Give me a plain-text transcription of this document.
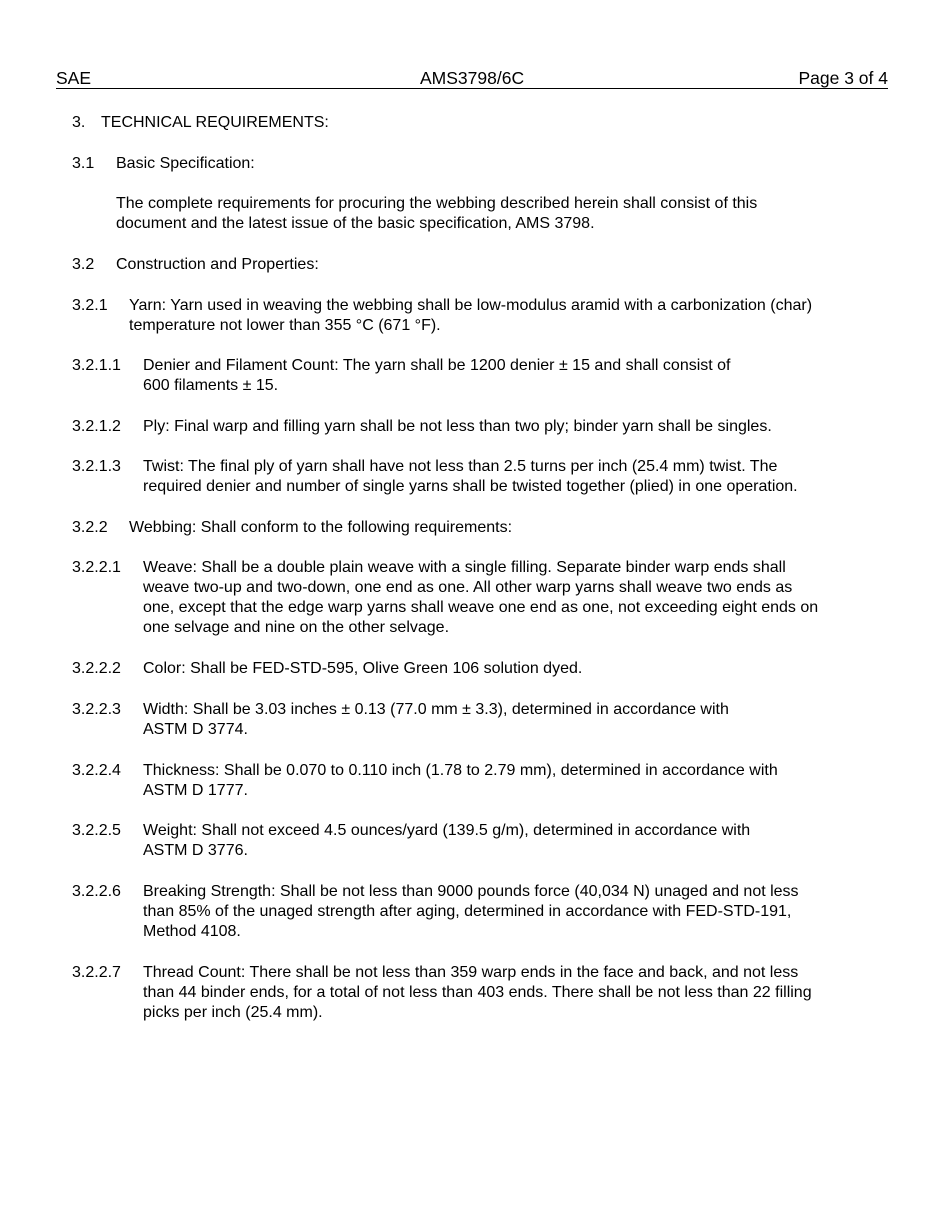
SAE	AMS3798/6C	Page 3 of 4
3. TECHNICAL REQUIREMENTS:
3.1 Basic Specification:
The complete requirements for procuring the webbing described herein shall consist of this
document and the latest issue of the basic specification, AMS 3798.
3.2 Construction and Properties:
3.2.1 Yarn: Yarn used in weaving the webbing shall be low-modulus aramid with a carbonization (char)
temperature not lower than 355 °C (671 °F).
3.2.1.1 Denier and Filament Count: The yarn shall be 1200 denier ± 15 and shall consist of
600 filaments ± 15.
3.2.1.2 Ply: Final warp and filling yarn shall be not less than two ply; binder yarn shall be singles.
3.2.1.3 Twist: The final ply of yarn shall have not less than 2.5 turns per inch (25.4 mm) twist. The
required denier and number of single yarns shall be twisted together (plied) in one operation.
3.2.2 Webbing: Shall conform to the following requirements:
3.2.2.1 Weave: Shall be a double plain weave with a single filling. Separate binder warp ends shall
weave two-up and two-down, one end as one. All other warp yarns shall weave two ends as
one, except that the edge warp yarns shall weave one end as one, not exceeding eight ends on
one selvage and nine on the other selvage.
3.2.2.2 Color: Shall be FED-STD-595, Olive Green 106 solution dyed.
3.2.2.3 Width: Shall be 3.03 inches ± 0.13 (77.0 mm ± 3.3), determined in accordance with
ASTM D 3774.
3.2.2.4 Thickness: Shall be 0.070 to 0.110 inch (1.78 to 2.79 mm), determined in accordance with
ASTM D 1777.
3.2.2.5 Weight: Shall not exceed 4.5 ounces/yard (139.5 g/m), determined in accordance with
ASTM D 3776.
3.2.2.6 Breaking Strength: Shall be not less than 9000 pounds force (40,034 N) unaged and not less
than 85% of the unaged strength after aging, determined in accordance with FED-STD-191,
Method 4108.
3.2.2.7 Thread Count: There shall be not less than 359 warp ends in the face and back, and not less
than 44 binder ends, for a total of not less than 403 ends. There shall be not less than 22 filling
picks per inch (25.4 mm).
